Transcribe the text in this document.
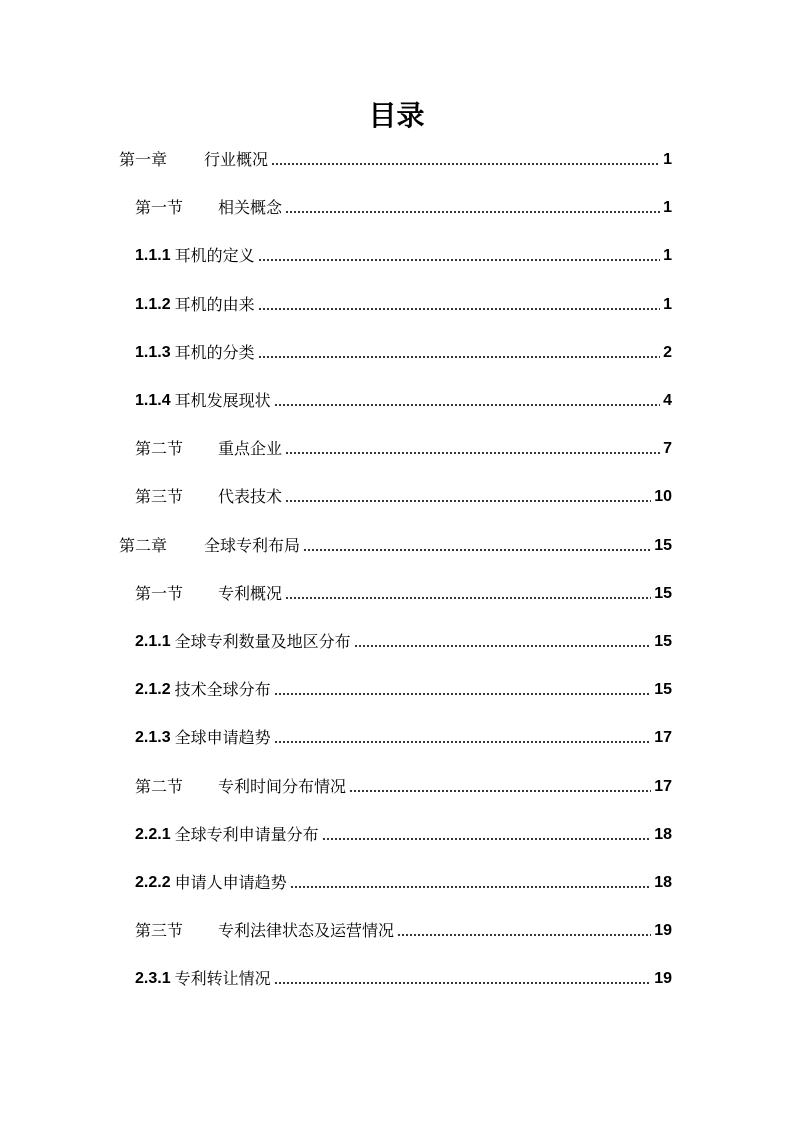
目录
第一章	行业概况	1
第一节	相关概念	1
1.1.1 耳机的定义	1
1.1.2 耳机的由来	1
1.1.3 耳机的分类	2
1.1.4 耳机发展现状	4
第二节	重点企业	7
第三节	代表技术	10
第二章	全球专利布局	15
第一节	专利概况	15
2.1.1 全球专利数量及地区分布	15
2.1.2 技术全球分布	15
2.1.3 全球申请趋势	17
第二节	专利时间分布情况	17
2.2.1 全球专利申请量分布	18
2.2.2 申请人申请趋势	18
第三节	专利法律状态及运营情况	19
2.3.1 专利转让情况	19
